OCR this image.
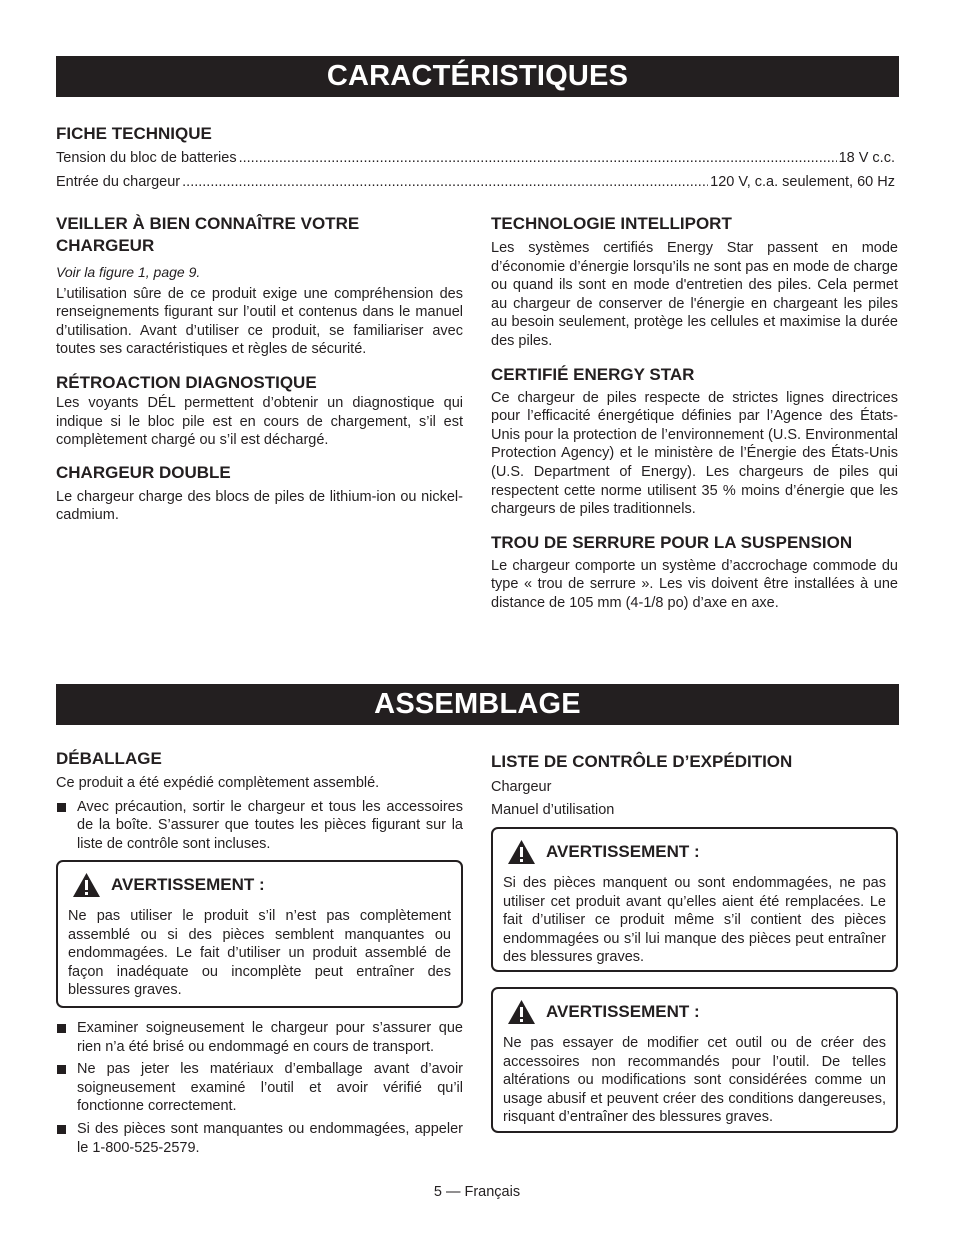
CARACTÉRISTIQUES
FICHE TECHNIQUE
Tension du bloc de batteries .....	18 V c.c.
Entrée du chargeur .....	120 V, c.a. seulement, 60 Hz
VEILLER À BIEN CONNAÎTRE VOTRE
CHARGEUR

Voir la figure 1, page 9.

L’utilisation sûre de ce produit exige une compréhension des renseignements figurant sur l’outil et contenus dans le manuel d’utilisation. Avant d’utiliser ce produit, se familiariser avec toutes ses caractéristiques et règles de sécurité.

RÉTROACTION DIAGNOSTIQUE

Les voyants DÉL permettent d’obtenir un diagnostique qui indique si le bloc pile est en cours de chargement, s’il est complètement chargé ou s’il est déchargé.

CHARGEUR DOUBLE

Le chargeur charge des blocs de piles de lithium-ion ou nickel-cadmium.

TECHNOLOGIE INTELLIPORT

Les systèmes certifiés Energy Star passent en mode d’économie d’énergie lorsqu’ils ne sont pas en mode de charge ou quand ils sont en mode d'entretien des piles. Cela permet au chargeur de conserver de l'énergie en chargeant les piles au besoin seulement, protège les cellules et maximise la durée des piles.

CERTIFIÉ ENERGY STAR

Ce chargeur de piles respecte de strictes lignes directrices pour l’efficacité énergétique définies par l’Agence des États-Unis pour la protection de l’environnement (U.S. Environmental Protection Agency) et le ministère de l’Énergie des États-Unis (U.S. Department of Energy). Les chargeurs de piles qui respectent cette norme utilisent 35 % moins d’énergie que les chargeurs de piles traditionnels.

TROU DE SERRURE POUR LA SUSPENSION

Le chargeur comporte un système d’accrochage commode du type « trou de serrure ». Les vis doivent être installées à une distance de 105 mm (4-1/8 po) d’axe en axe.

ASSEMBLAGE
DÉBALLAGE

Ce produit a été expédié complètement assemblé.

Avec précaution, sortir le chargeur et tous les accessoires de la boîte. S’assurer que toutes les pièces figurant sur la liste de contrôle sont incluses.
AVERTISSEMENT :

Ne pas utiliser le produit s’il n’est pas complètement assemblé ou si des pièces semblent manquantes ou endommagées. Le fait d’utiliser un produit assemblé de façon inadéquate ou incomplète peut entraîner des blessures graves.

Examiner soigneusement le chargeur pour s’assurer que rien n’a été brisé ou endommagé en cours de transport.
Ne pas jeter les matériaux d’emballage avant d’avoir soigneusement examiné l’outil et avoir vérifié qu’il fonctionne correctement.
Si des pièces sont manquantes ou endommagées, appeler le 1-800-525-2579.
LISTE DE CONTRÔLE D’EXPÉDITION

Chargeur

Manuel d’utilisation

AVERTISSEMENT :

Si des pièces manquent ou sont endommagées, ne pas utiliser cet produit avant qu’elles aient été remplacées. Le fait d’utiliser ce produit même s’il contient des pièces endommagées ou s’il lui manque des pièces peut entraîner des blessures graves.

AVERTISSEMENT :

Ne pas essayer de modifier cet outil ou de créer des accessoires non recommandés pour l’outil. De telles altérations ou modifications sont considérées comme un usage abusif et peuvent créer des conditions dangereuses, risquant d’entraîner des blessures graves.

5 — Français
